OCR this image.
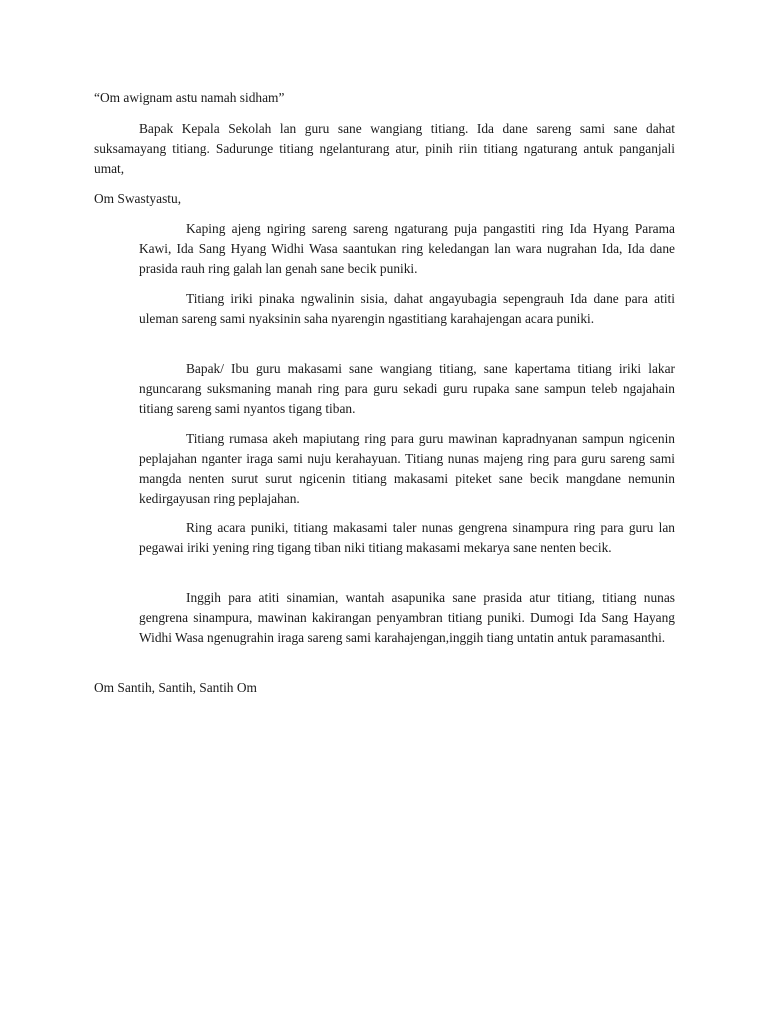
“Om awignam astu namah sidham”

Bapak Kepala Sekolah lan guru sane wangiang titiang. Ida dane sareng sami sane dahat suksamayang titiang. Sadurunge titiang ngelanturang atur, pinih riin titiang ngaturang antuk panganjali umat,

Om Swastyastu,

Kaping ajeng ngiring sareng sareng ngaturang puja pangastiti ring Ida Hyang Parama Kawi, Ida Sang Hyang Widhi Wasa saantukan ring keledangan lan wara nugrahan Ida, Ida dane prasida rauh ring galah lan genah sane becik puniki.

Titiang iriki pinaka ngwalinin sisia, dahat angayubagia sepengrauh Ida dane para atiti uleman sareng sami nyaksinin saha nyarengin ngastitiang karahajengan acara puniki.

Bapak/ Ibu guru makasami sane wangiang titiang, sane kapertama titiang iriki lakar nguncarang suksmaning manah ring para guru sekadi guru rupaka sane sampun teleb ngajahain titiang sareng sami nyantos tigang tiban.

Titiang rumasa akeh mapiutang ring para guru mawinan kapradnyanan sampun ngicenin peplajahan nganter iraga sami nuju kerahayuan. Titiang nunas majeng ring para guru sareng sami mangda nenten surut surut ngicenin titiang makasami piteket sane becik mangdane nemunin kedirgayusan ring peplajahan.

Ring acara puniki, titiang makasami taler nunas gengrena sinampura ring para guru lan pegawai iriki yening ring tigang tiban niki titiang makasami mekarya sane nenten becik.

Inggih para atiti sinamian, wantah asapunika sane prasida atur titiang, titiang nunas gengrena sinampura, mawinan kakirangan penyambran titiang puniki. Dumogi Ida Sang Hayang Widhi Wasa ngenugrahin iraga sareng sami karahajengan,inggih tiang untatin antuk paramasanthi.

Om Santih, Santih, Santih Om
